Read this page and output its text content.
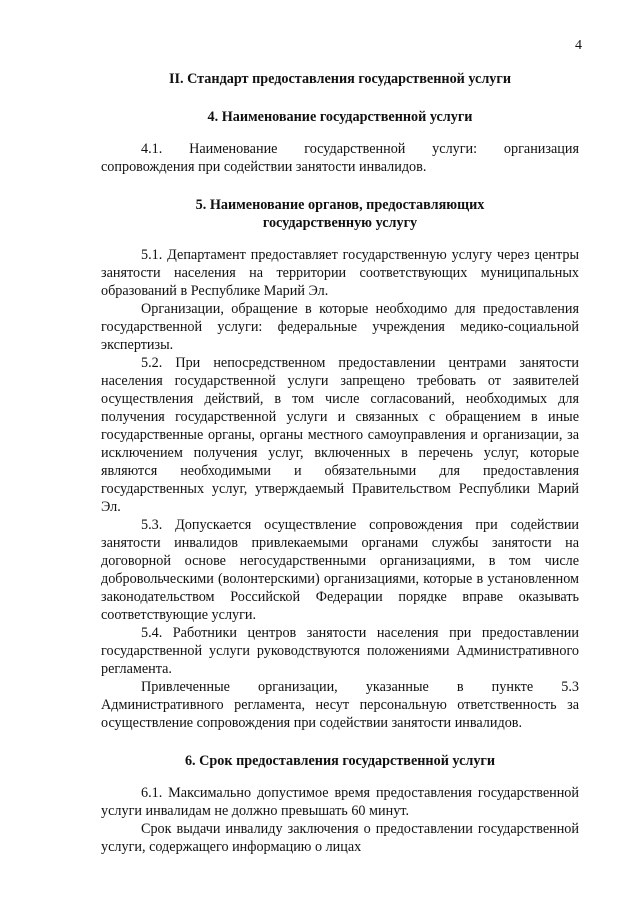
4
II. Стандарт предоставления государственной услуги
4. Наименование государственной услуги

4.1. Наименование государственной услуги: организация сопровождения при содействии занятости инвалидов.

5. Наименование органов, предоставляющих
государственную услугу

5.1. Департамент предоставляет государственную услугу через центры занятости населения на территории соответствующих муниципальных образований в Республике Марий Эл.

Организации, обращение в которые необходимо для предоставления государственной услуги: федеральные учреждения медико-социальной экспертизы.

5.2. При непосредственном предоставлении центрами занятости населения государственной услуги запрещено требовать от заявителей осуществления действий, в том числе согласований, необходимых для получения государственной услуги и связанных с обращением в иные государственные органы, органы местного самоуправления и организации, за исключением получения услуг, включенных в перечень услуг, которые являются необходимыми и обязательными для предоставления государственных услуг, утверждаемый Правительством Республики Марий Эл.

5.3. Допускается осуществление сопровождения при содействии занятости инвалидов привлекаемыми органами службы занятости на договорной основе негосударственными организациями, в том числе добровольческими (волонтерскими) организациями, которые в установленном законодательством Российской Федерации порядке вправе оказывать соответствующие услуги.

5.4. Работники центров занятости населения при предоставлении государственной услуги руководствуются положениями Административного регламента.

Привлеченные организации, указанные в пункте 5.3 Административного регламента, несут персональную ответственность за осуществление сопровождения при содействии занятости инвалидов.

6. Срок предоставления государственной услуги

6.1. Максимально допустимое время предоставления государственной услуги инвалидам не должно превышать 60 минут.

Срок выдачи инвалиду заключения о предоставлении государственной услуги, содержащего информацию о лицах
